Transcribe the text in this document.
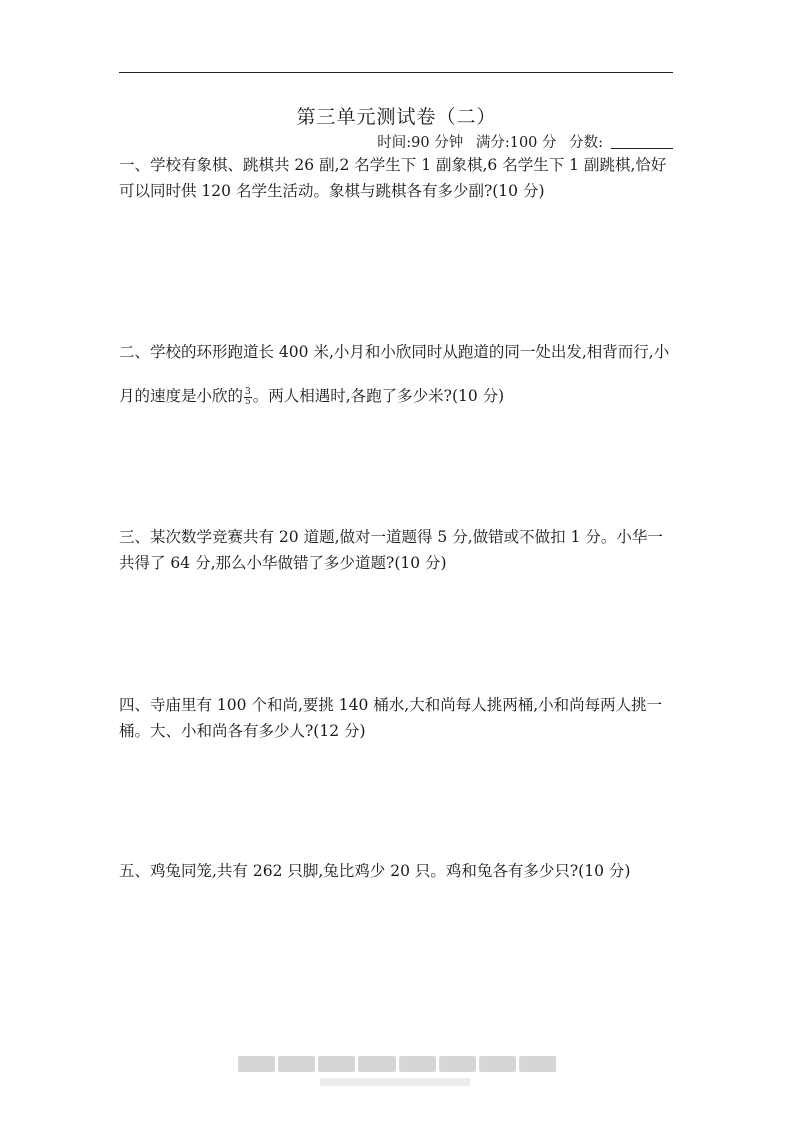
第三单元测试卷（二）
时间:90 分钟 满分:100 分 分数:

一、学校有象棋、跳棋共 26 副,2 名学生下 1 副象棋,6 名学生下 1 副跳棋,恰好可以同时供 120 名学生活动。象棋与跳棋各有多少副?(10 分)

二、学校的环形跑道长 400 米,小月和小欣同时从跑道的同一处出发,相背而行,小月的速度是小欣的 $\frac{3}{5}$ 。两人相遇时,各跑了多少米?(10 分)

三、某次数学竞赛共有 20 道题,做对一道题得 5 分,做错或不做扣 1 分。小华一共得了 64 分,那么小华做错了多少道题?(10 分)

四、寺庙里有 100 个和尚,要挑 140 桶水,大和尚每人挑两桶,小和尚每两人挑一桶。大、小和尚各有多少人?(12 分)

五、鸡兔同笼,共有 262 只脚,兔比鸡少 20 只。鸡和兔各有多少只?(10 分)
